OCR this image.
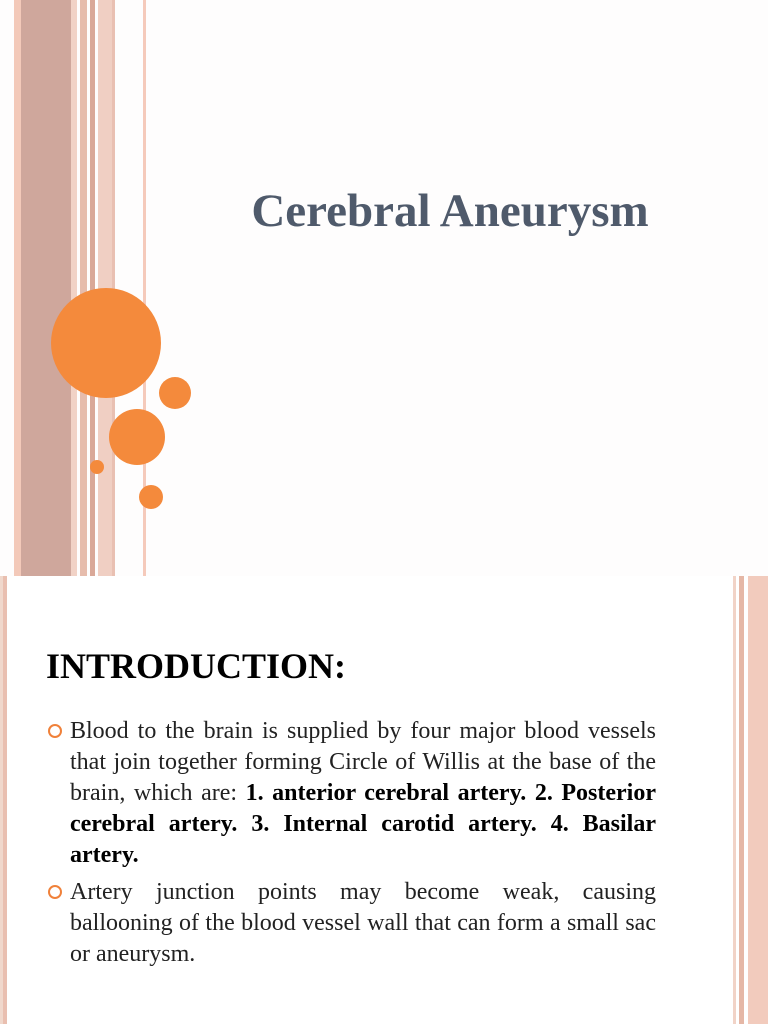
Cerebral Aneurysm
INTRODUCTION:

Blood to the brain is supplied by four major blood vessels that join together forming Circle of Willis at the base of the brain, which are: 1. anterior cerebral artery. 2. Posterior cerebral artery. 3. Internal carotid artery. 4. Basilar artery.

Artery junction points may become weak, causing ballooning of the blood vessel wall that can form a small sac or aneurysm.
